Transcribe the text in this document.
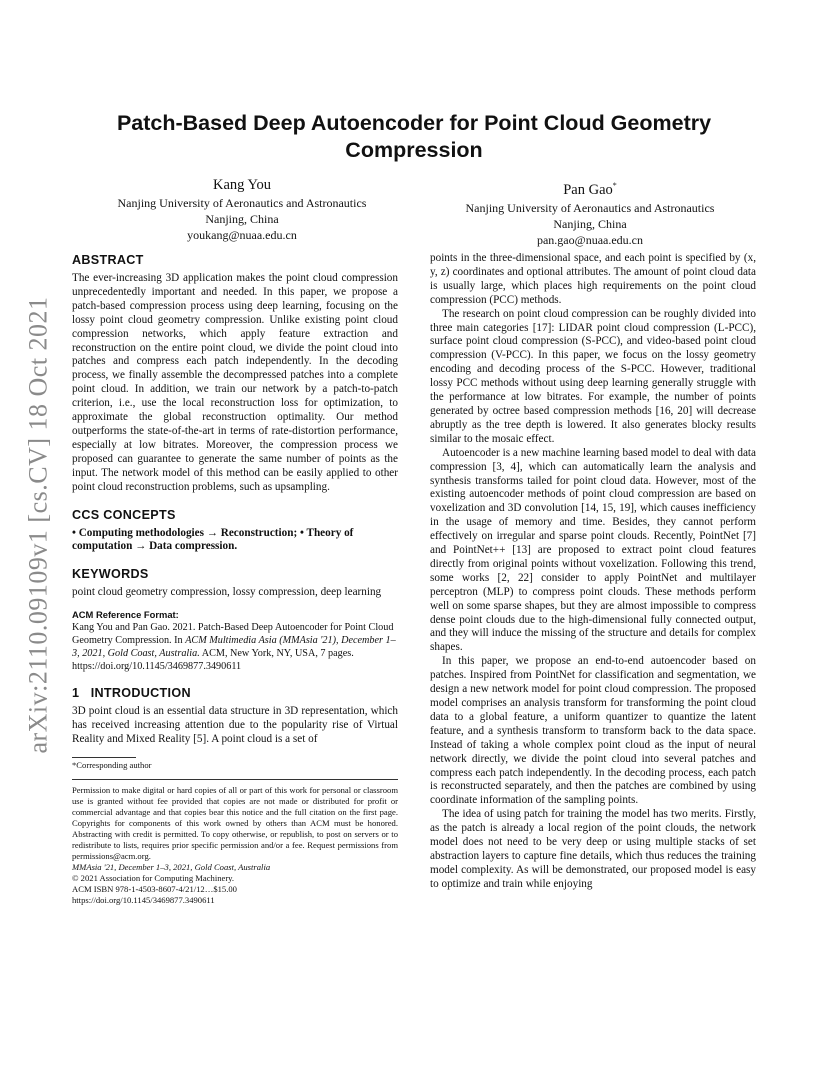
arXiv:2110.09109v1 [cs.CV] 18 Oct 2021
Patch-Based Deep Autoencoder for Point Cloud Geometry Compression
Kang You
Nanjing University of Aeronautics and Astronautics
Nanjing, China
youkang@nuaa.edu.cn
Pan Gao*
Nanjing University of Aeronautics and Astronautics
Nanjing, China
pan.gao@nuaa.edu.cn
ABSTRACT

The ever-increasing 3D application makes the point cloud compression unprecedentedly important and needed. In this paper, we propose a patch-based compression process using deep learning, focusing on the lossy point cloud geometry compression. Unlike existing point cloud compression networks, which apply feature extraction and reconstruction on the entire point cloud, we divide the point cloud into patches and compress each patch independently. In the decoding process, we finally assemble the decompressed patches into a complete point cloud. In addition, we train our network by a patch-to-patch criterion, i.e., use the local reconstruction loss for optimization, to approximate the global reconstruction optimality. Our method outperforms the state-of-the-art in terms of rate-distortion performance, especially at low bitrates. Moreover, the compression process we proposed can guarantee to generate the same number of points as the input. The network model of this method can be easily applied to other point cloud reconstruction problems, such as upsampling.

CCS CONCEPTS

• Computing methodologies → Reconstruction; • Theory of computation → Data compression.

KEYWORDS

point cloud geometry compression, lossy compression, deep learning

ACM Reference Format:

Kang You and Pan Gao. 2021. Patch-Based Deep Autoencoder for Point Cloud Geometry Compression. In ACM Multimedia Asia (MMAsia '21), December 1–3, 2021, Gold Coast, Australia. ACM, New York, NY, USA, 7 pages. https://doi.org/10.1145/3469877.3490611

1   INTRODUCTION

3D point cloud is an essential data structure in 3D representation, which has received increasing attention due to the popularity rise of Virtual Reality and Mixed Reality [5]. A point cloud is a set of

*Corresponding author
Permission to make digital or hard copies of all or part of this work for personal or classroom use is granted without fee provided that copies are not made or distributed for profit or commercial advantage and that copies bear this notice and the full citation on the first page. Copyrights for components of this work owned by others than ACM must be honored. Abstracting with credit is permitted. To copy otherwise, or republish, to post on servers or to redistribute to lists, requires prior specific permission and/or a fee. Request permissions from permissions@acm.org.
MMAsia '21, December 1–3, 2021, Gold Coast, Australia
© 2021 Association for Computing Machinery.
ACM ISBN 978-1-4503-8607-4/21/12…$15.00
https://doi.org/10.1145/3469877.3490611

points in the three-dimensional space, and each point is specified by (x, y, z) coordinates and optional attributes. The amount of point cloud data is usually large, which places high requirements on the point cloud compression (PCC) methods.

The research on point cloud compression can be roughly divided into three main categories [17]: LIDAR point cloud compression (L-PCC), surface point cloud compression (S-PCC), and video-based point cloud compression (V-PCC). In this paper, we focus on the lossy geometry encoding and decoding process of the S-PCC. However, traditional lossy PCC methods without using deep learning generally struggle with the performance at low bitrates. For example, the number of points generated by octree based compression methods [16, 20] will decrease abruptly as the tree depth is lowered. It also generates blocky results similar to the mosaic effect.

Autoencoder is a new machine learning based model to deal with data compression [3, 4], which can automatically learn the analysis and synthesis transforms tailed for point cloud data. However, most of the existing autoencoder methods of point cloud compression are based on voxelization and 3D convolution [14, 15, 19], which causes inefficiency in the usage of memory and time. Besides, they cannot perform effectively on irregular and sparse point clouds. Recently, PointNet [7] and PointNet++ [13] are proposed to extract point cloud features directly from original points without voxelization. Following this trend, some works [2, 22] consider to apply PointNet and multilayer perceptron (MLP) to compress point clouds. These methods perform well on some sparse shapes, but they are almost impossible to compress dense point clouds due to the high-dimensional fully connected output, and they will induce the missing of the structure and details for complex shapes.

In this paper, we propose an end-to-end autoencoder based on patches. Inspired from PointNet for classification and segmentation, we design a new network model for point cloud compression. The proposed model comprises an analysis transform for transforming the point cloud data to a global feature, a uniform quantizer to quantize the latent feature, and a synthesis transform to transform back to the data space. Instead of taking a whole complex point cloud as the input of neural network directly, we divide the point cloud into several patches and compress each patch independently. In the decoding process, each patch is reconstructed separately, and then the patches are combined by using coordinate information of the sampling points.

The idea of using patch for training the model has two merits. Firstly, as the patch is already a local region of the point clouds, the network model does not need to be very deep or using multiple stacks of set abstraction layers to capture fine details, which thus reduces the training model complexity. As will be demonstrated, our proposed model is easy to optimize and train while enjoying
